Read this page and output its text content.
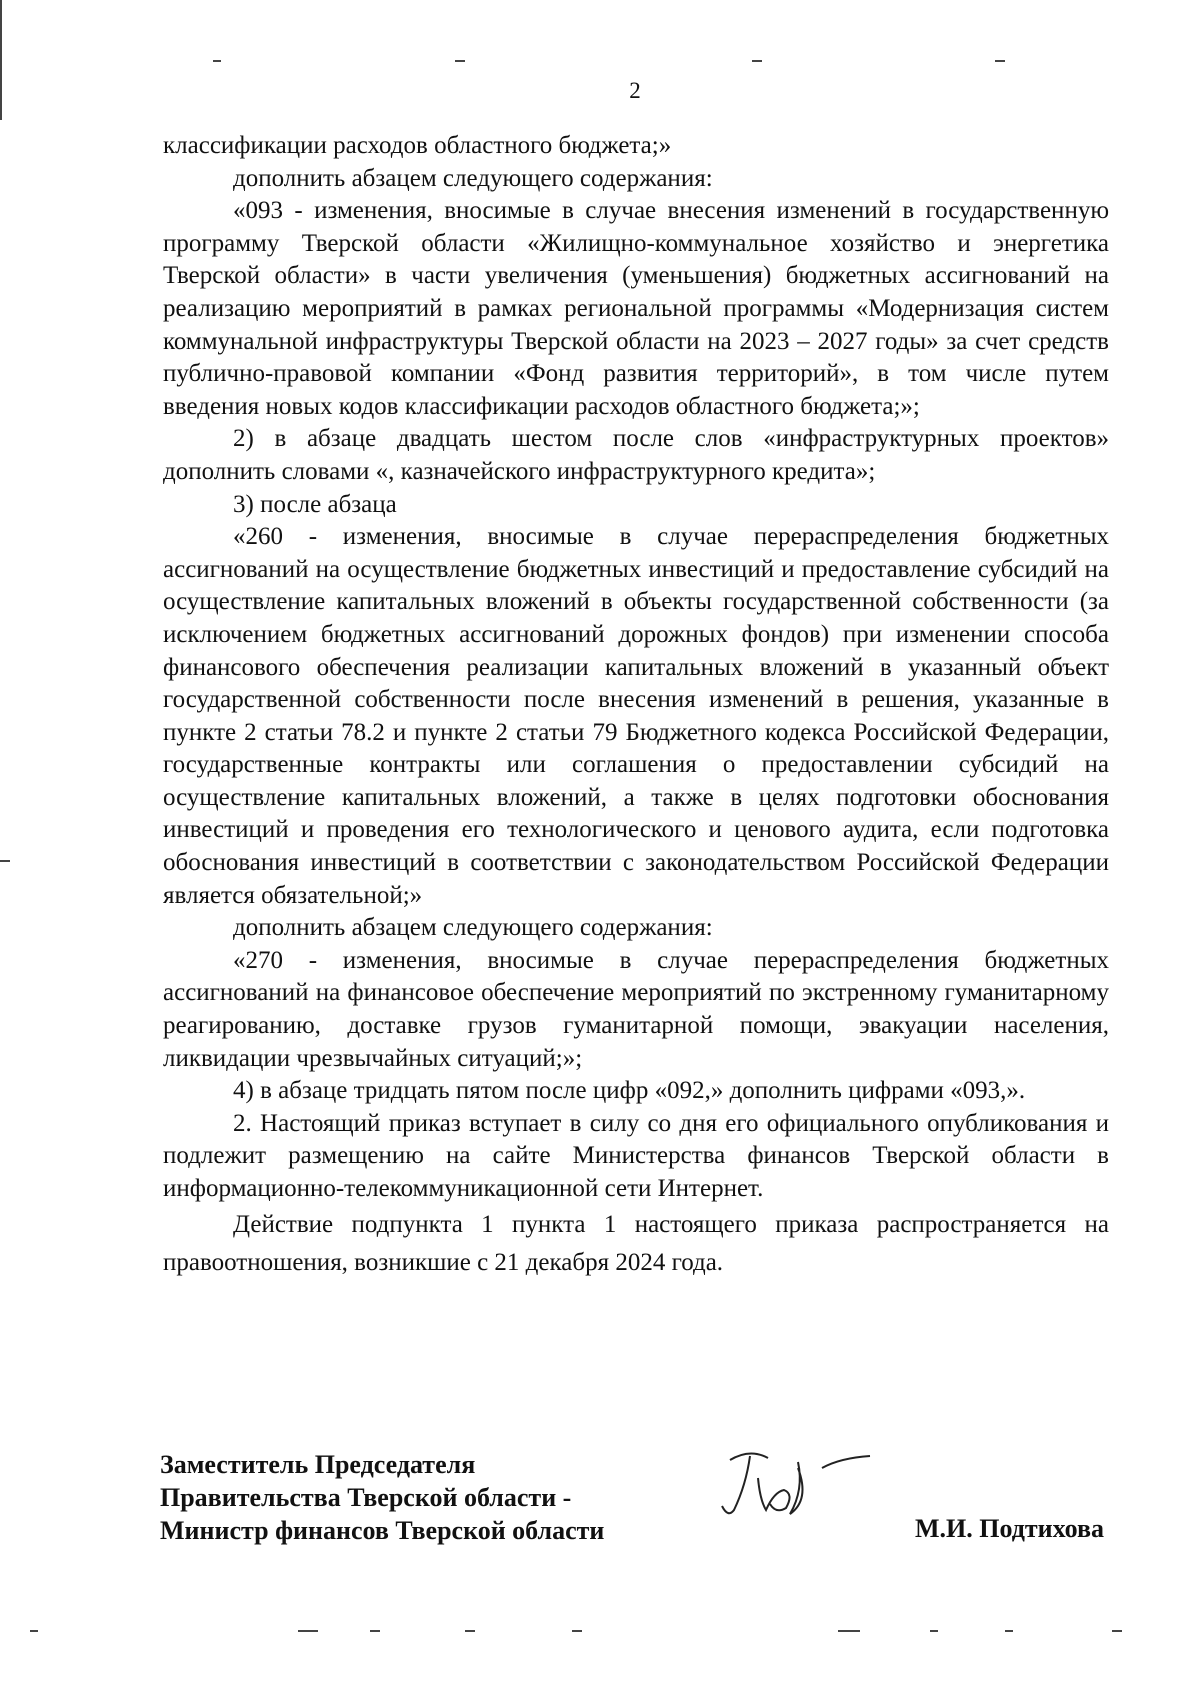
2

классификации расходов областного бюджета;»

дополнить абзацем следующего содержания:

«093 - изменения, вносимые в случае внесения изменений в государственную программу Тверской области «Жилищно-коммунальное хозяйство и энергетика Тверской области» в части увеличения (уменьшения) бюджетных ассигнований на реализацию мероприятий в рамках региональной программы «Модернизация систем коммунальной инфраструктуры Тверской области на 2023 – 2027 годы» за счет средств публично-правовой компании «Фонд развития территорий», в том числе путем введения новых кодов классификации расходов областного бюджета;»;

2) в абзаце двадцать шестом после слов «инфраструктурных проектов» дополнить словами «, казначейского инфраструктурного кредита»;

3) после абзаца

«260 - изменения, вносимые в случае перераспределения бюджетных ассигнований на осуществление бюджетных инвестиций и предоставление субсидий на осуществление капитальных вложений в объекты государственной собственности (за исключением бюджетных ассигнований дорожных фондов) при изменении способа финансового обеспечения реализации капитальных вложений в указанный объект государственной собственности после внесения изменений в решения, указанные в пункте 2 статьи 78.2 и пункте 2 статьи 79 Бюджетного кодекса Российской Федерации, государственные контракты или соглашения о предоставлении субсидий на осуществление капитальных вложений, а также в целях подготовки обоснования инвестиций и проведения его технологического и ценового аудита, если подготовка обоснования инвестиций в соответствии с законодательством Российской Федерации является обязательной;»

дополнить абзацем следующего содержания:

«270 - изменения, вносимые в случае перераспределения бюджетных ассигнований на финансовое обеспечение мероприятий по экстренному гуманитарному реагированию, доставке грузов гуманитарной помощи, эвакуации населения, ликвидации чрезвычайных ситуаций;»;

4) в абзаце тридцать пятом после цифр «092,» дополнить цифрами «093,».

2. Настоящий приказ вступает в силу со дня его официального опубликования и подлежит размещению на сайте Министерства финансов Тверской области в информационно-телекоммуникационной сети Интернет.

Действие подпункта 1 пункта 1 настоящего приказа распространяется на правоотношения, возникшие с 21 декабря 2024 года.

Заместитель Председателя
Правительства Тверской области -
Министр финансов Тверской области	М.И. Подтихова
